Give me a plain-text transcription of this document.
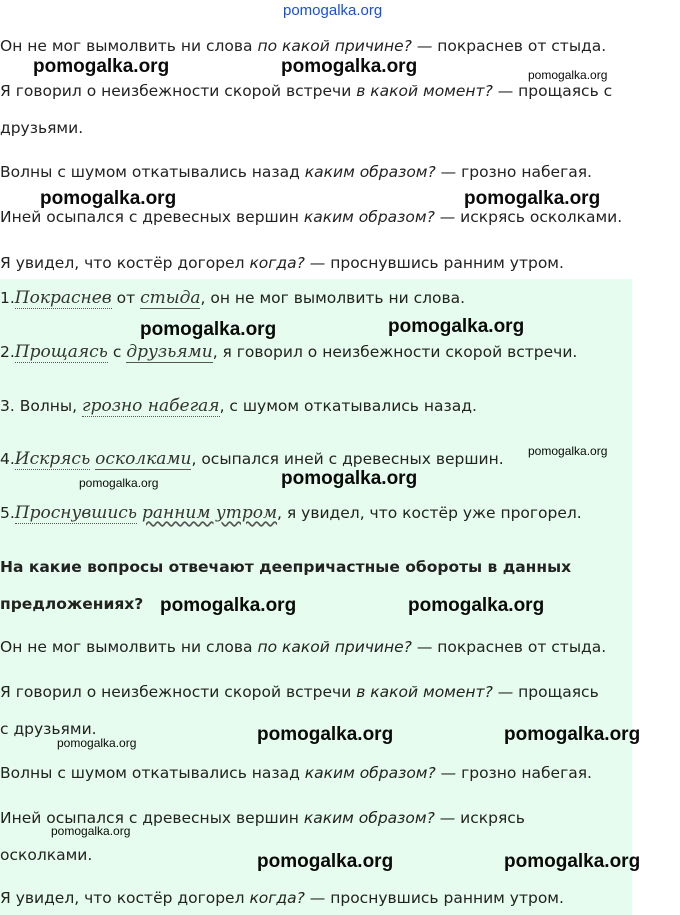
pomogalka.org
Он не мог вымолвить ни слова по какой причине? — покраснев от стыда.
Я говорил о неизбежности скорой встречи в какой момент? — прощаясь с
друзьями.
Волны с шумом откатывались назад каким образом? — грозно набегая.
Иней осыпался с древесных вершин каким образом? — искрясь осколками.
Я увидел, что костёр догорел когда? — проснувшись ранним утром.
1.Покраснев от стыда, он не мог вымолвить ни слова.
2.Прощаясь с друзьями, я говорил о неизбежности скорой встречи.
3. Волны, грозно набегая, с шумом откатывались назад.
4.Искрясь осколками, осыпался иней с древесных вершин.
5.Проснувшись ранним утром, я увидел, что костёр уже прогорел.
На какие вопросы отвечают деепричастные обороты в данных
предложениях?
Он не мог вымолвить ни слова по какой причине? — покраснев от стыда.
Я говорил о неизбежности скорой встречи в какой момент? — прощаясь
с друзьями.
Волны с шумом откатывались назад каким образом? — грозно набегая.
Иней осыпался с древесных вершин каким образом? — искрясь
осколками.
Я увидел, что костёр догорел когда? — проснувшись ранним утром.
pomogalka.org	pomogalka.org	pomogalka.org
pomogalka.org	pomogalka.org
pomogalka.org	pomogalka.org
pomogalka.org
pomogalka.org
pomogalka.org
pomogalka.org	pomogalka.org
pomogalka.org	pomogalka.org
pomogalka.org
pomogalka.org
pomogalka.org	pomogalka.org
